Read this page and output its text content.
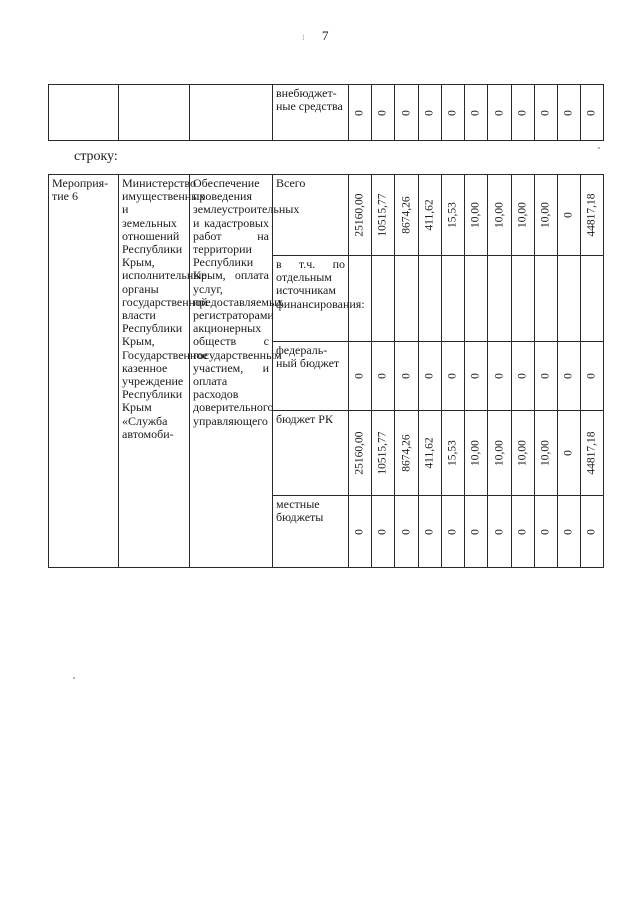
⁝ 7
			внебюджет-ные средства	0	0	0	0	0	0	0	0	0	0	0
строку:
Мероприя-тие 6	Министерство имущественных и земельных отношений Республики Крым, исполнительные органы государственной власти Республики Крым, Государственное казенное учреждение Республики Крым «Служба автомоби-	Обеспечение проведения землеустроительных и кадастровых работ на территории Республики Крым, оплата услуг, предоставляемых регистраторами акционерных обществ с государственным участием, и оплата расходов доверительного управляющего	Всего	25160,00	10515,77	8674,26	411,62	15,53	10,00	10,00	10,00	10,00	0	44817,18

			в т.ч. по отдельным источникам финансирования:											
			федераль-ный бюджет	0	0	0	0	0	0	0	0	0	0	0

			бюджет РК	25160,00	10515,77	8674,26	411,62	15,53	10,00	10,00	10,00	10,00	0	44817,18

			местные бюджеты	0	0	0	0	0	0	0	0	0	0	0
